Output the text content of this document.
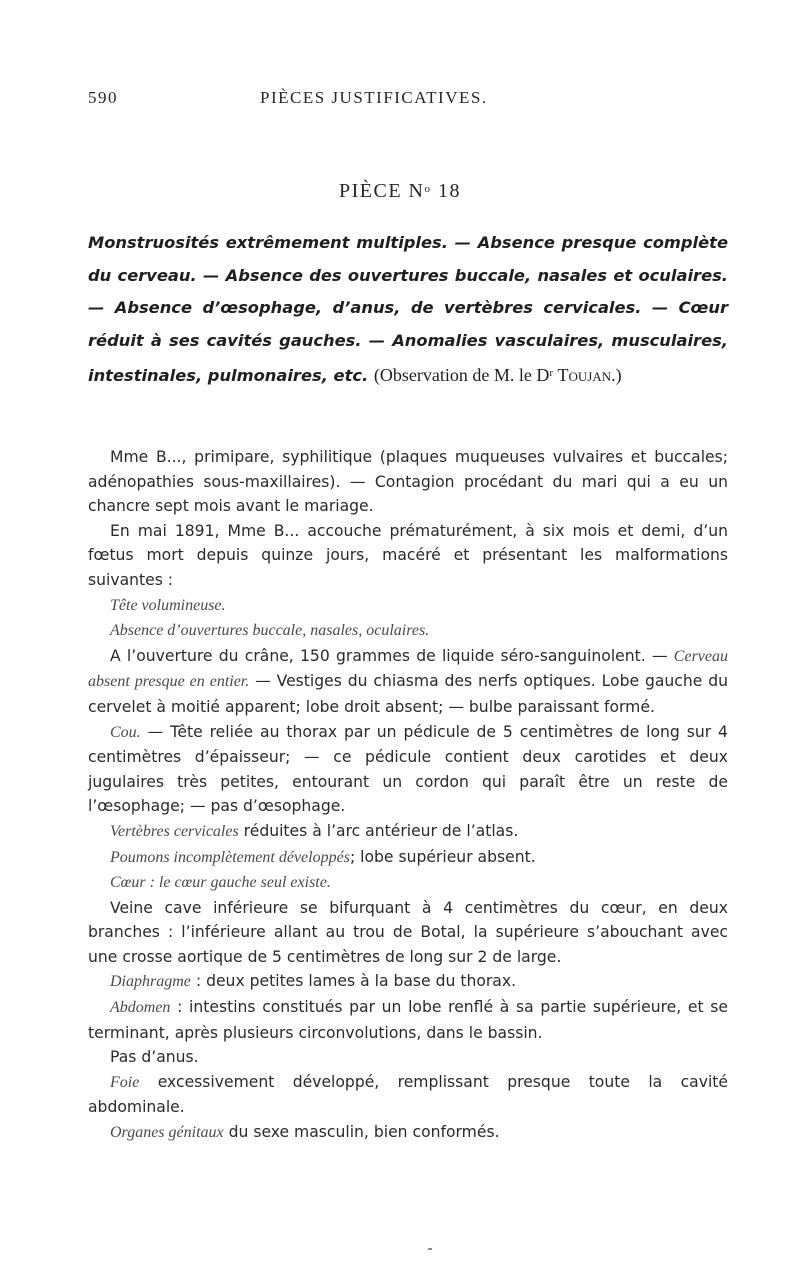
590	PIÈCES JUSTIFICATIVES.
PIÈCE $N^o$ 18
Monstruosités extrêmement multiples. — Absence presque complète du cerveau. — Absence des ouvertures buccale, nasales et oculaires. — Absence d’œsophage, d’anus, de vertèbres cervicales. — Cœur réduit à ses cavités gauches. — Anomalies vasculaires, musculaires, intestinales, pulmonaires, etc. (Observation de M. le $D^r$ Toujan.)

Mme B..., primipare, syphilitique (plaques muqueuses vulvaires et buccales; adénopathies sous-maxillaires). — Contagion procédant du mari qui a eu un chancre sept mois avant le mariage.

En mai 1891, Mme B... accouche prématurément, à six mois et demi, d’un fœtus mort depuis quinze jours, macéré et présentant les malformations suivantes :

Tête volumineuse.

Absence d’ouvertures buccale, nasales, oculaires.

A l’ouverture du crâne, 150 grammes de liquide séro-sanguinolent. — Cerveau absent presque en entier. — Vestiges du chiasma des nerfs optiques. Lobe gauche du cervelet à moitié apparent; lobe droit absent; — bulbe paraissant formé.

Cou. — Tête reliée au thorax par un pédicule de 5 centimètres de long sur 4 centimètres d’épaisseur; — ce pédicule contient deux carotides et deux jugulaires très petites, entourant un cordon qui paraît être un reste de l’œsophage; — pas d’œsophage.

Vertèbres cervicales réduites à l’arc antérieur de l’atlas.

Poumons incomplètement développés; lobe supérieur absent.

Cœur : le cœur gauche seul existe.

Veine cave inférieure se bifurquant à 4 centimètres du cœur, en deux branches : l’inférieure allant au trou de Botal, la supérieure s’abouchant avec une crosse aortique de 5 centimètres de long sur 2 de large.

Diaphragme : deux petites lames à la base du thorax.

Abdomen : intestins constitués par un lobe renflé à sa partie supérieure, et se terminant, après plusieurs circonvolutions, dans le bassin.

Pas d’anus.

Foie excessivement développé, remplissant presque toute la cavité abdominale.

Organes génitaux du sexe masculin, bien conformés.
